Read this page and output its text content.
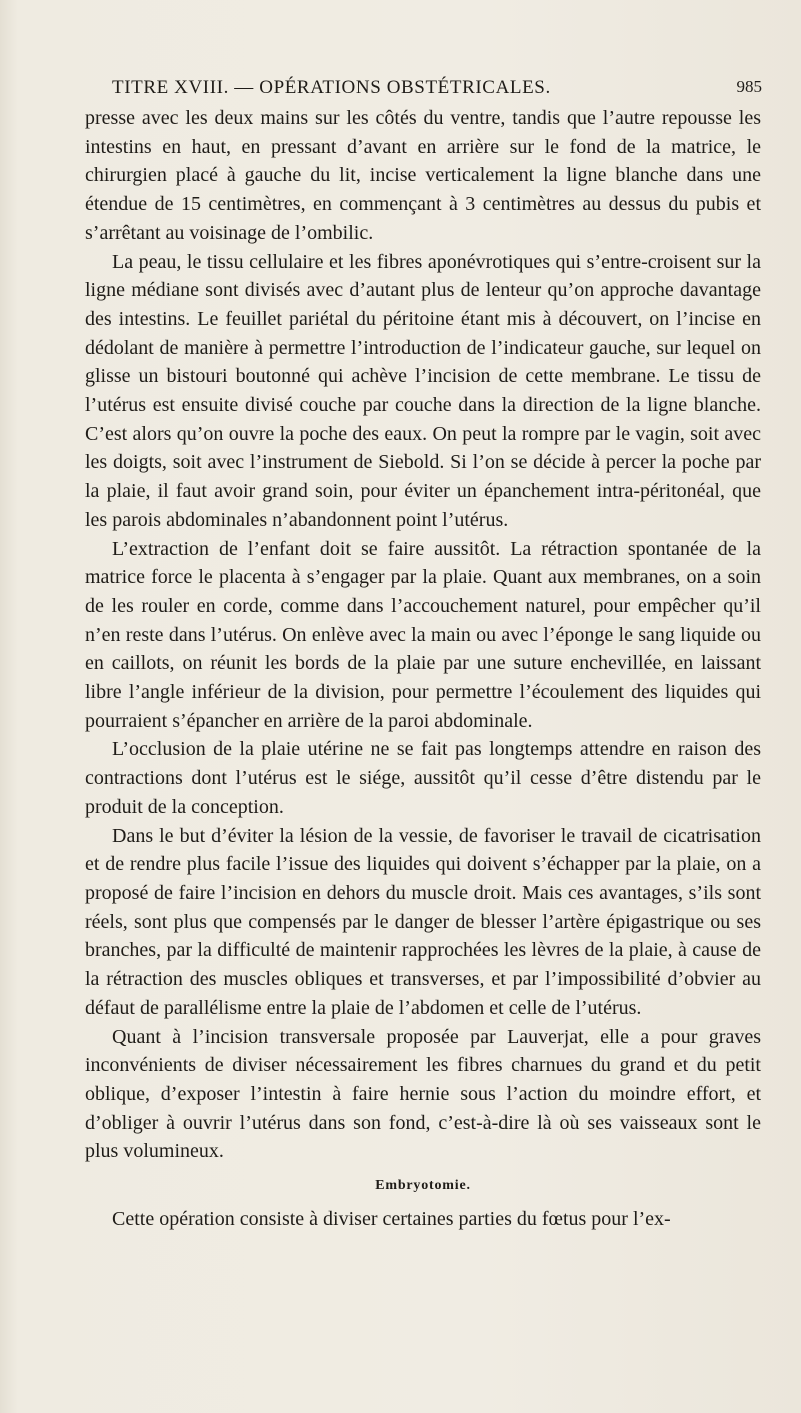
TITRE XVIII. — OPÉRATIONS OBSTÉTRICALES.	985

presse avec les deux mains sur les côtés du ventre, tandis que l’autre repousse les intestins en haut, en pressant d’avant en arrière sur le fond de la matrice, le chirurgien placé à gauche du lit, incise verticalement la ligne blanche dans une étendue de 15 centimètres, en commençant à 3 centimètres au dessus du pubis et s’arrêtant au voisinage de l’ombilic.

La peau, le tissu cellulaire et les fibres aponévrotiques qui s’entre-croisent sur la ligne médiane sont divisés avec d’autant plus de lenteur qu’on approche davantage des intestins. Le feuillet pariétal du péritoine étant mis à découvert, on l’incise en dédolant de manière à permettre l’introduction de l’indicateur gauche, sur lequel on glisse un bistouri boutonné qui achève l’incision de cette membrane. Le tissu de l’utérus est ensuite divisé couche par couche dans la direction de la ligne blanche. C’est alors qu’on ouvre la poche des eaux. On peut la rompre par le vagin, soit avec les doigts, soit avec l’instrument de Siebold. Si l’on se décide à percer la poche par la plaie, il faut avoir grand soin, pour éviter un épanchement intra-péritonéal, que les parois abdominales n’abandonnent point l’utérus.

L’extraction de l’enfant doit se faire aussitôt. La rétraction spontanée de la matrice force le placenta à s’engager par la plaie. Quant aux membranes, on a soin de les rouler en corde, comme dans l’accouchement naturel, pour empêcher qu’il n’en reste dans l’utérus. On enlève avec la main ou avec l’éponge le sang liquide ou en caillots, on réunit les bords de la plaie par une suture enchevillée, en laissant libre l’angle inférieur de la division, pour permettre l’écoulement des liquides qui pourraient s’épancher en arrière de la paroi abdominale.

L’occlusion de la plaie utérine ne se fait pas longtemps attendre en raison des contractions dont l’utérus est le siége, aussitôt qu’il cesse d’être distendu par le produit de la conception.

Dans le but d’éviter la lésion de la vessie, de favoriser le travail de cicatrisation et de rendre plus facile l’issue des liquides qui doivent s’échapper par la plaie, on a proposé de faire l’incision en dehors du muscle droit. Mais ces avantages, s’ils sont réels, sont plus que compensés par le danger de blesser l’artère épigastrique ou ses branches, par la difficulté de maintenir rapprochées les lèvres de la plaie, à cause de la rétraction des muscles obliques et transverses, et par l’impossibilité d’obvier au défaut de parallélisme entre la plaie de l’abdomen et celle de l’utérus.

Quant à l’incision transversale proposée par Lauverjat, elle a pour graves inconvénients de diviser nécessairement les fibres charnues du grand et du petit oblique, d’exposer l’intestin à faire hernie sous l’action du moindre effort, et d’obliger à ouvrir l’utérus dans son fond, c’est-à-dire là où ses vaisseaux sont le plus volumineux.

Embryotomie.

Cette opération consiste à diviser certaines parties du fœtus pour l’ex-
